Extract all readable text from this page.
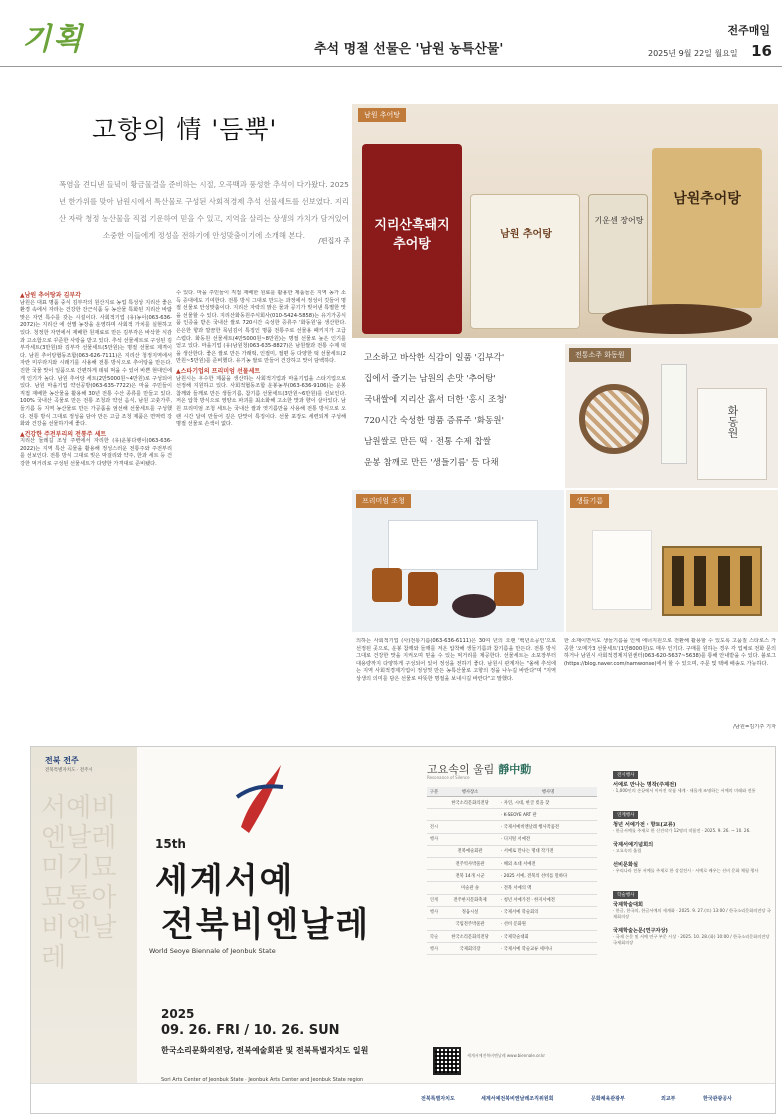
기획	추석 명절 선물은 '남원 농특산물'
전주매일
2025년 9월 22일 월요일 16
고향의 情 '듬뿍'
폭염을 견디낸 들녘이 황금물결을 준비하는 시절, 오곡백과 풍성한 추석이 다가왔다. 2025년 한가위를 맞아 남원시에서 특산물로 구성된 사회적경제 추석 선물세트를 선보였다. 지리산 자락 청정 농산물을 직접 기운하여 믿을 수 있고, 지역을 살리는 상생의 가치가 담겨있어 소중한 이들에게 정성을 전하기에 안성맞춤이기에 소개해 본다.
/편집자 주
남원 추어탕
지리산흑돼지 추어탕
남원 추어탕
기운센 장어탕
남원추어탕

고소하고 바삭한 식감이 일품 '김부각'

집에서 즐기는 남원의 손맛 '추어탕'

국내쌀에 지리산 흙서 더한 '홍시 조청'

720시간 숙성한 명품 증류주 '화동원'

남원쌀로 만든 떡 · 전통 수제 찹쌀

운봉 참깨로 만든 '생들기름' 등 다채

전통소주 화동원
화동원
프리미엄 조청	생들기름
▲남원 추어탕과 김부각
남원은 대표 명품 중식 김부각의 원산지로 농업 특성상 지리산 좋은 환경 속에서 자라는 건강한 잔근식품 등 농산물 특화된 지리산 바람 맞은 자연 특수를 갖는 시설이다. 사회적기업 (유)농이(063-636-2072)는 지리산 에 선별 농장을 운영하며 사회적 가치를 실현하고 있다. 청정한 자연에서 재배한 원재료로 만든 김부각은 바삭한 식감과 고소함으로 꾸준한 사랑을 받고 있다. 추석 선물세트로 구성된 김부각세트(3만원)와 김부각 선물세트(5만원)는 명절 선물로 제격이다. 남원 추어탕협동조합(063-626-7111)은 지리산 청정지역에서 자란 미꾸라지와 시래기를 사용해 전통 방식으로 추어탕을 만든다. 진한 국물 맛이 일품으로 간편하게 데워 먹을 수 있어 바쁜 현대인에게 인기가 높다. 남원 추어탕 세트(2만5000원~4만원)로 구성되어 있다. 남원 마을기업 약선공방(063-635-7722)은 마을 주민들이 직접 재배한 농산물을 활용해 30년 전통 수산 종류를 만들고 있다. 100% 국내산 곡물로 만든 전통 조청과 약선 음식, 남원 고춧가루, 들기름 등 지역 농산물로 만든 가공품을 엄선해 선물세트를 구성했다. 전통 방식 그대로 정성을 담아 만든 고급 조청 제품은 면역력 강화와 건강을 선물하기에 좋다.
▲건강한 주전부리의 전통주 세트
지리산 둘레길 조성 주변에서 자리한 (유)운봉다랭이(063-636-2022)는 지역 특산 곡물을 활용해 정성스러운 전통주와 주전부리를 선보인다. 전통 방식 그대로 빚은 막걸리와 약주, 한과 세트 등 건강한 먹거리로 구성된 선물세트가 다양한 가격대로 준비됐다.
수 있다. 마을 주민들이 직접 재배한 원료를 활용한 제품들은 지역 농가 소득 증대에도 기여한다. 전통 방식 그대로 만드는 과정에서 정성이 깃들어 명절 선물로 안성맞춤이다. 지리산 자락의 맑은 물과 공기가 빚어낸 특별한 맛을 선물할 수 있다. 지리산화동원주식회사(010-5424-5858)는 유기가공식품 인증을 받은 국내산 쌀로 720시간 숙성한 증류주 '화동원'을 생산한다. 은은한 향과 깔끔한 목넘김이 특징인 명품 전통주로 선물용 패키지가 고급스럽다. 화동원 선물세트(4만5000원~8만원)는 명절 선물로 높은 인기를 얻고 있다. 마을기업 (유)남원청(063-635-8827)은 남원쌀과 전통 수제 떡을 생산한다. 좋은 쌀로 만든 가래떡, 인절미, 절편 등 다양한 떡 선물세트(2만원~5만원)를 준비했다. 유기농 쌀로 만들어 건강하고 맛이 담백하다.
▲스타기업의 프리미엄 선물세트
남원시는 우수한 제품을 생산하는 사회적기업과 마을기업을 스타기업으로 선정해 지원하고 있다. 사회적협동조합 운봉농부(063-636-9106)는 운봉 참깨와 들깨로 만든 생들기름, 참기름 선물세트(3만원~6만원)를 선보인다. 저온 압착 방식으로 영양소 파괴를 최소화해 고소한 맛과 향이 살아있다. 남원 프리미엄 조청 세트는 국내산 쌀과 엿기름만을 사용해 전통 방식으로 오랜 시간 달여 만들어 깊은 단맛이 특징이다. 선물 포장도 세련되게 구성해 명절 선물로 손색이 없다.
의하는 사회적기업 (사)전통기름(063-636-6111)은 30여 년의 오랜 '백년소공인'으로 선정된 곳으로, 운봉 참깨와 들깨를 저온 압착해 생들기름과 참기름을 만든다. 전통 방식 그대로 건강한 맛을 지켜오며 믿을 수 있는 먹거리를 제공한다. 선물세트는 소포장부터 대용량까지 다양하게 구성되어 있어 정성을 전하기 좋다. 남원시 관계자는 "올해 추석에는 지역 사회적경제기업이 정성껏 만든 농특산물로 고향의 정을 나누길 바란다"며 "지역 상생의 의미를 담은 선물로 따뜻한 명절을 보내시길 바란다"고 말했다.
한 소재이면서도 생들기름을 인체 에너지원으로 전환해 활용할 수 있도록 고품질 스타로스 가공한 '오메가3 선물세트'(1만8000원)도 매우 인기다. 구매를 원하는 경우 각 업체로 전화 문의하거나 남원시 사회적경제지원센터(063-620-5637~5638)를 통해 안내받을 수 있다. 블로그(https://blog.naver.com/namwonse)에서 할 수 있으며, 주문 및 택배 배송도 가능하다.
/남원=김기주 기자
서예비엔날레미기묘묘통아비엔날레
전북 전주
전북특별자치도 · 전주시
15th
세계서예
전북비엔날레
World Seoye Biennale of Jeonbuk State
2025
09. 26. FRI / 10. 26. SUN
한국소리문화의전당, 전북예술회관 및 전북특별자치도 일원
Sori Arts Center of Jeonbuk State · Jeonbuk Arts Center and Jeonbuk State region
고요속의 울림 靜中動
Resonance of Silence
구분	행사장소	행사명
	한국소리문화의전당	· 자연, 시대, 한글 빚을 찾
		· K-SEOYE ART 관
전시		· 국제서예비엔날레 행사작품전
행사		· 디지털 서예전
	전북예술회관	· 서예로 만나는 명대 작가전
	전주역사박물관	· 해외 초대 서예전
	전북 14개 시군	· 2025 서예, 전북의 선비를 말하다
	미술관 솔	· 전북 서예의 맥
연계	전주한지문화축제	· 청년 서예가전 · 한지서예전
행사	정읍시설	· 국제서예 학술회의
	국립전주박물관	· 선비 문화원
학술	한국소리문화의전당	· 국제학술대회
행사	국제회의장	· 국제서예 학술교류 세미나
전시행사
서예로 만나는 명작(주제전)
· 1,000인의 손끝에서 이어진 작품 세계 · 새롭게 조명하는 서예의 미래와 전통
연계행사
청년 서예가전 · 향토(교류)
· 한글서예를 주제로 한 신진작가 12명의 작품전 · 2025. 9. 26. ~ 10. 26.
국제서예기념회의
· 고요속의 울림
선비문화실
· 우리나라 전통 서예를 주제로 한 상설전시 · 서예로 배우는 선비 문화 체험 행사
학술행사
국제학술대회
· 한글, 한국의, 한글서예의 세계화 · 2025. 9. 27.(토) 13:00 / 한국소리문화의전당 국제회의장
국제학술논문(연구자상)
· 국제 논문 및 서예 연구 부문 시상 · 2025. 10. 28.(화) 10:00 / 한국소리문화의전당 국제회의장
세계서예전북비엔날레 www.biennale.or.kr
전북특별자치도	세계서예전북비엔날레조직위원회	문화체육관광부	외교부	한국관광공사
